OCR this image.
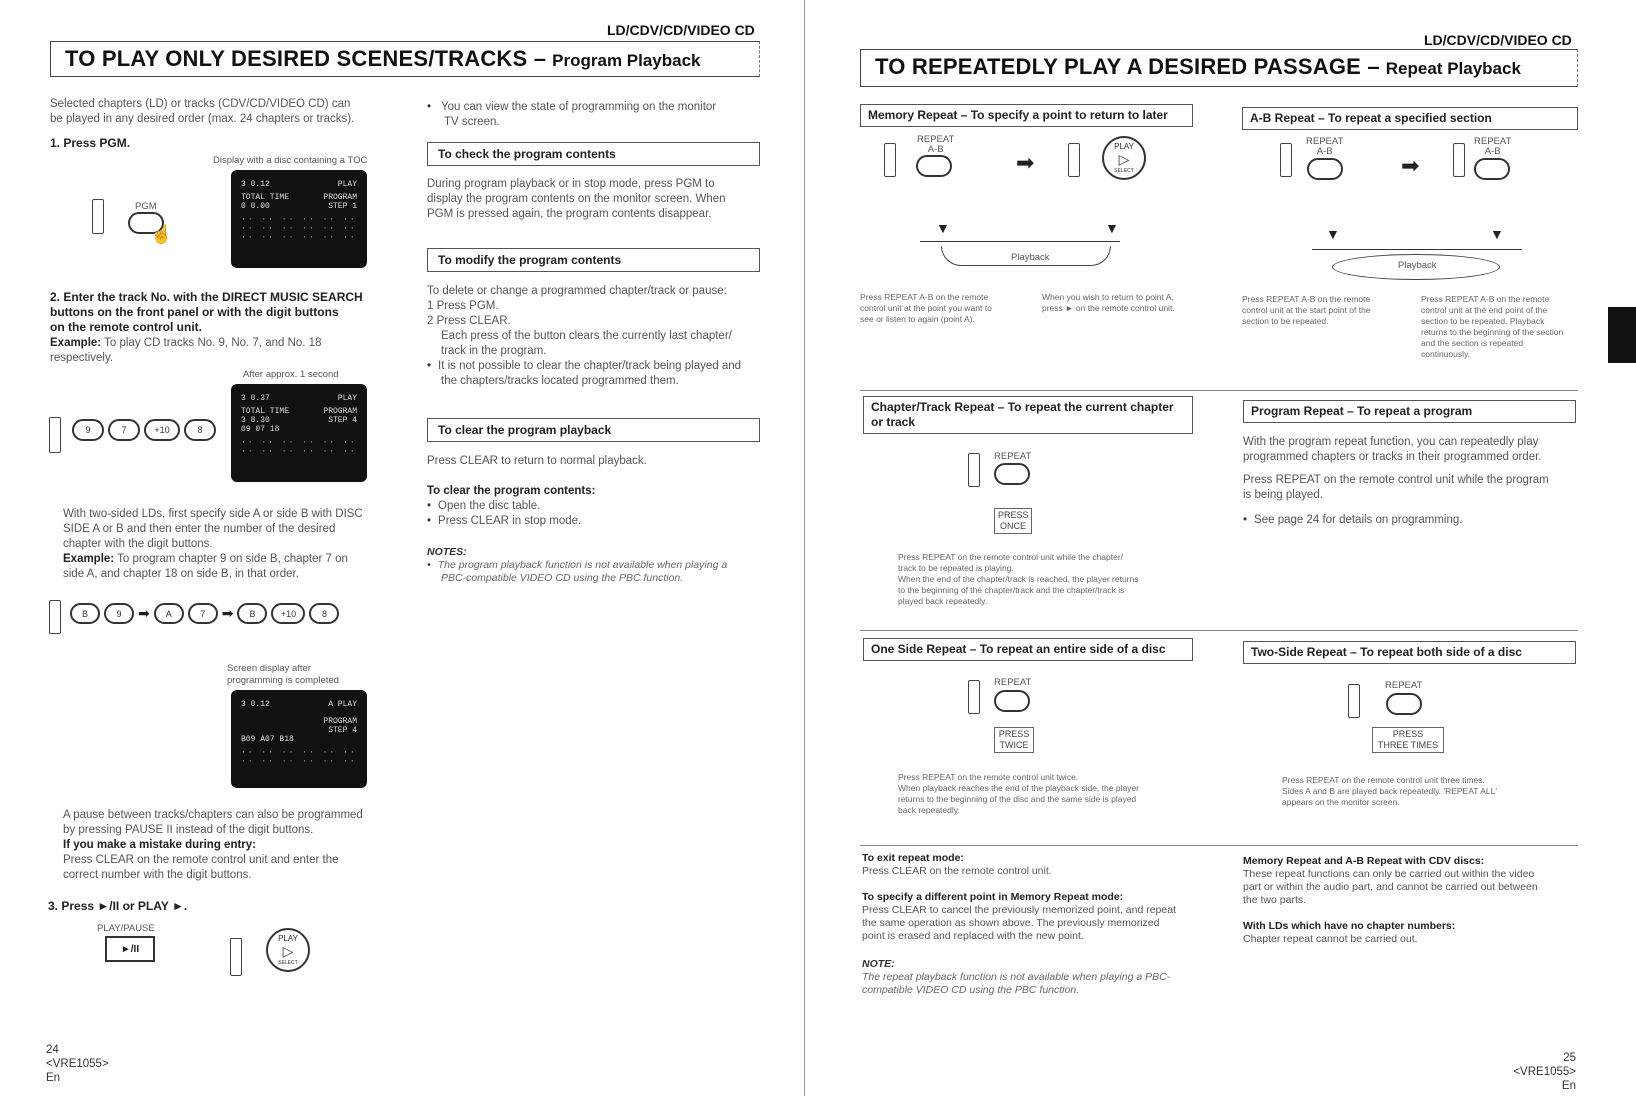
LD/CDV/CD/VIDEO CD
TO PLAY ONLY DESIRED SCENES/TRACKS – Program Playback
Selected chapters (LD) or tracks (CDV/CD/VIDEO CD) can
be played in any desired order (max. 24 chapters or tracks).
1. Press PGM.
Display with a disc containing a TOC
PGM
☝
3 0.12	PLAY
TOTAL TIME	PROGRAM
0 0.00	STEP 1
·· ·· ·· ·· ·· ··
·· ·· ·· ·· ·· ··
·· ·· ·· ·· ·· ··
2. Enter the track No. with the DIRECT MUSIC SEARCH
buttons on the front panel or with the digit buttons
on the remote control unit.
Example: To play CD tracks No. 9, No. 7, and No. 18
respectively.
After approx. 1 second
9	7	+10	8
3 0.37	PLAY
TOTAL TIME	PROGRAM
3 8.30	STEP 4
09 07 18
·· ·· ·· ·· ·· ··
·· ·· ·· ·· ·· ··
With two-sided LDs, first specify side A or side B with DISC
SIDE A or B and then enter the number of the desired
chapter with the digit buttons.
Example: To program chapter 9 on side B, chapter 7 on
side A, and chapter 18 on side B, in that order.
B	9	➡	A	7	➡	B	+10	8
Screen display after
programming is completed
3 0.12	A PLAY
PROGRAM
STEP 4
B09 A07 B18
·· ·· ·· ·· ·· ··
·· ·· ·· ·· ·· ··
A pause between tracks/chapters can also be programmed
by pressing PAUSE II instead of the digit buttons.
If you make a mistake during entry:
Press CLEAR on the remote control unit and enter the
correct number with the digit buttons.
3. Press ►/II or PLAY ►.
PLAY/PAUSE
►/II
PLAY
▷
SELECT
• You can view the state of programming on the monitor
TV screen.
To check the program contents
During program playback or in stop mode, press PGM to
display the program contents on the monitor screen. When
PGM is pressed again, the program contents disappear.
To modify the program contents
To delete or change a programmed chapter/track or pause:
1 Press PGM.
2 Press CLEAR.
Each press of the button clears the currently last chapter/
track in the program.
• It is not possible to clear the chapter/track being played and
the chapters/tracks located programmed them.
To clear the program playback
Press CLEAR to return to normal playback.
To clear the program contents:
• Open the disc table.
• Press CLEAR in stop mode.
NOTES:
• The program playback function is not available when playing a
PBC-compatible VIDEO CD using the PBC function.
24
<VRE1055>
En
LD/CDV/CD/VIDEO CD
TO REPEATEDLY PLAY A DESIRED PASSAGE – Repeat Playback
Memory Repeat – To specify a point to return to later
REPEAT
A-B
➡
PLAY
▷
SELECT
▼	▼
Playback
Press REPEAT A-B on the remote
control unit at the point you want to
see or listen to again (point A).
When you wish to return to point A,
press ► on the remote control unit.
A-B Repeat – To repeat a specified section
REPEAT
A-B
➡
REPEAT
A-B
▼	▼
Playback
Press REPEAT A-B on the remote
control unit at the start point of the
section to be repeated.
Press REPEAT A-B on the remote
control unit at the end point of the
section to be repeated. Playback
returns to the beginning of the section
and the section is repeated
continuously.
Chapter/Track Repeat – To repeat the current chapter
or track
REPEAT
PRESS
ONCE
Press REPEAT on the remote control unit while the chapter/
track to be repeated is playing.
When the end of the chapter/track is reached, the player returns
to the beginning of the chapter/track and the chapter/track is
played back repeatedly.
Program Repeat – To repeat a program
With the program repeat function, you can repeatedly play
programmed chapters or tracks in their programmed order.
Press REPEAT on the remote control unit while the program
is being played.
• See page 24 for details on programming.
One Side Repeat – To repeat an entire side of a disc
REPEAT
PRESS
TWICE
Press REPEAT on the remote control unit twice.
When playback reaches the end of the playback side, the player
returns to the beginning of the disc and the same side is played
back repeatedly.
Two-Side Repeat – To repeat both side of a disc
REPEAT
PRESS
THREE TIMES
Press REPEAT on the remote control unit three times.
Sides A and B are played back repeatedly. 'REPEAT ALL'
appears on the monitor screen.
To exit repeat mode:
Press CLEAR on the remote control unit.
To specify a different point in Memory Repeat mode:
Press CLEAR to cancel the previously memorized point, and repeat
the same operation as shown above. The previously memorized
point is erased and replaced with the new point.
NOTE:
The repeat playback function is not available when playing a PBC-
compatible VIDEO CD using the PBC function.
Memory Repeat and A-B Repeat with CDV discs:
These repeat functions can only be carried out within the video
part or within the audio part, and cannot be carried out between
the two parts.
With LDs which have no chapter numbers:
Chapter repeat cannot be carried out.
25
<VRE1055>
En
